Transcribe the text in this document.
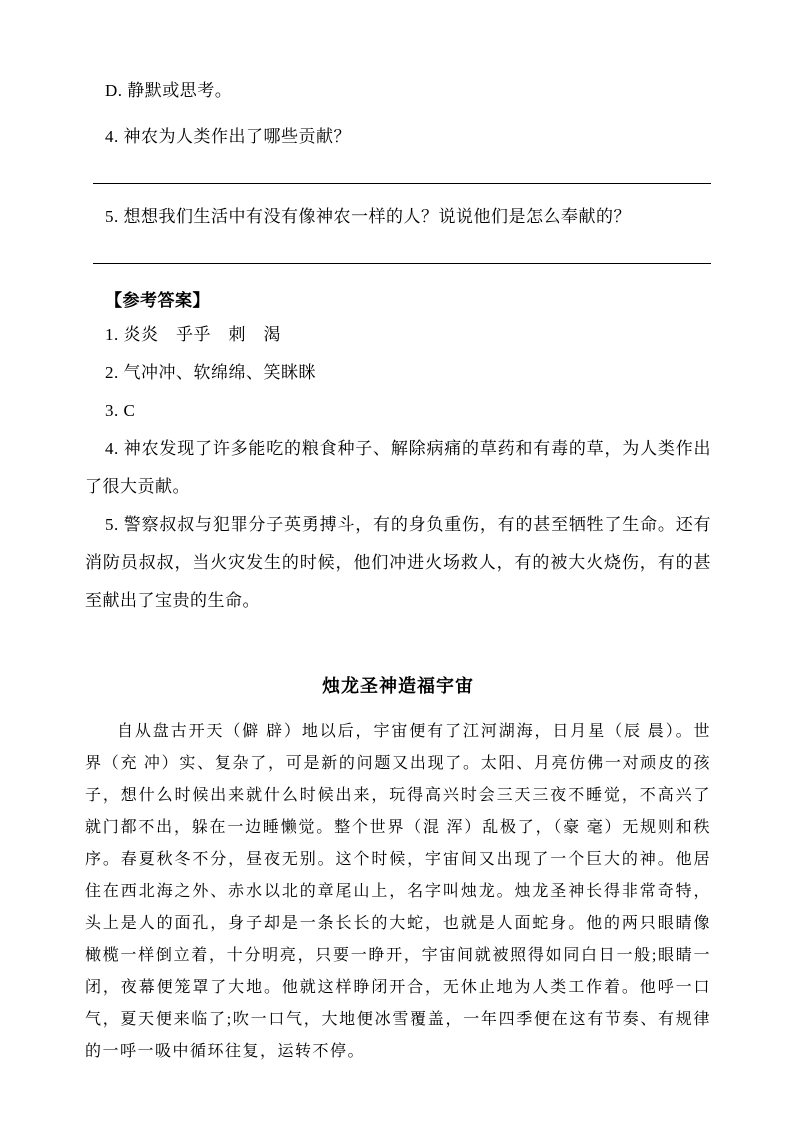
D. 静默或思考。

4. 神农为人类作出了哪些贡献？

5. 想想我们生活中有没有像神农一样的人？说说他们是怎么奉献的？

【参考答案】

1. 炎炎　乎乎　刺　渴

2. 气冲冲、软绵绵、笑眯眯

3. C

4. 神农发现了许多能吃的粮食种子、解除病痛的草药和有毒的草，为人类作出了很大贡献。

5. 警察叔叔与犯罪分子英勇搏斗，有的身负重伤，有的甚至牺牲了生命。还有消防员叔叔，当火灾发生的时候，他们冲进火场救人，有的被大火烧伤，有的甚至献出了宝贵的生命。

烛龙圣神造福宇宙

自从盘古开天（僻 辟）地以后，宇宙便有了江河湖海，日月星（辰 晨）。世界（充 冲）实、复杂了，可是新的问题又出现了。太阳、月亮仿佛一对顽皮的孩子，想什么时候出来就什么时候出来，玩得高兴时会三天三夜不睡觉，不高兴了就门都不出，躲在一边睡懒觉。整个世界（混 浑）乱极了，（豪 毫）无规则和秩序。春夏秋冬不分，昼夜无别。这个时候，宇宙间又出现了一个巨大的神。他居住在西北海之外、赤水以北的章尾山上，名字叫烛龙。烛龙圣神长得非常奇特，头上是人的面孔，身子却是一条长长的大蛇，也就是人面蛇身。他的两只眼睛像橄榄一样倒立着，十分明亮，只要一睁开，宇宙间就被照得如同白日一般;眼睛一闭，夜幕便笼罩了大地。他就这样睁闭开合，无休止地为人类工作着。他呼一口气，夏天便来临了;吹一口气，大地便冰雪覆盖，一年四季便在这有节奏、有规律的一呼一吸中循环往复，运转不停。
